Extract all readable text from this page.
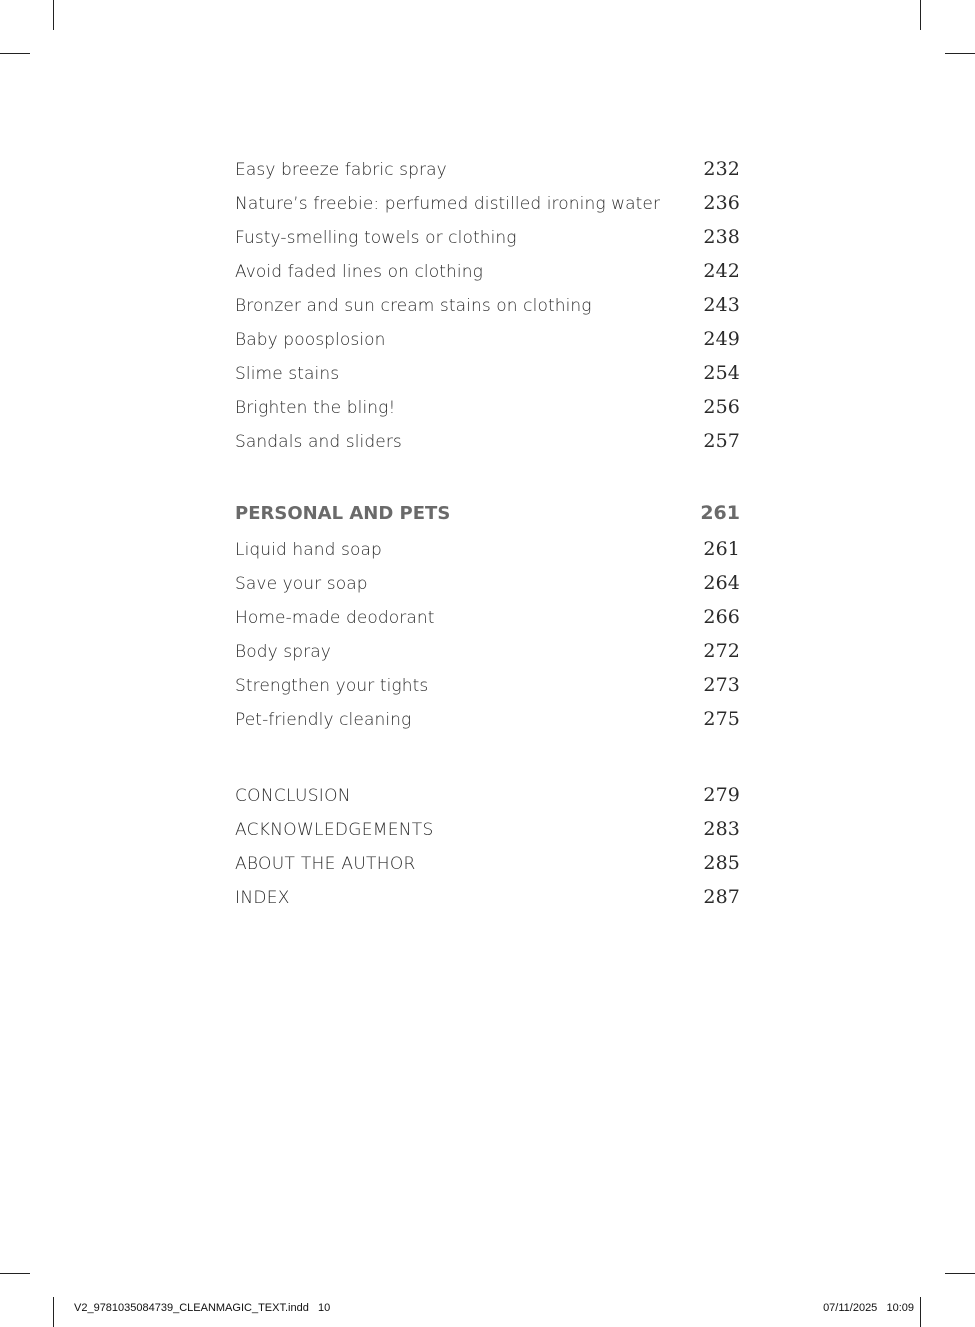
Easy breeze fabric spray	232
Nature’s freebie: perfumed distilled ironing water 236
Fusty-smelling towels or clothing	238
Avoid faded lines on clothing	242
Bronzer and sun cream stains on clothing	243
Baby poosplosion	249
Slime stains	254
Brighten the bling!	256
Sandals and sliders	257
PERSONAL AND PETS	261
Liquid hand soap	261
Save your soap	264
Home-made deodorant	266
Body spray	272
Strengthen your tights	273
Pet-friendly cleaning	275
CONCLUSION	279
ACKNOWLEDGEMENTS	283
ABOUT THE AUTHOR	285
INDEX	287
V2_9781035084739_CLEANMAGIC_TEXT.indd   10	07/11/2025   10:09
